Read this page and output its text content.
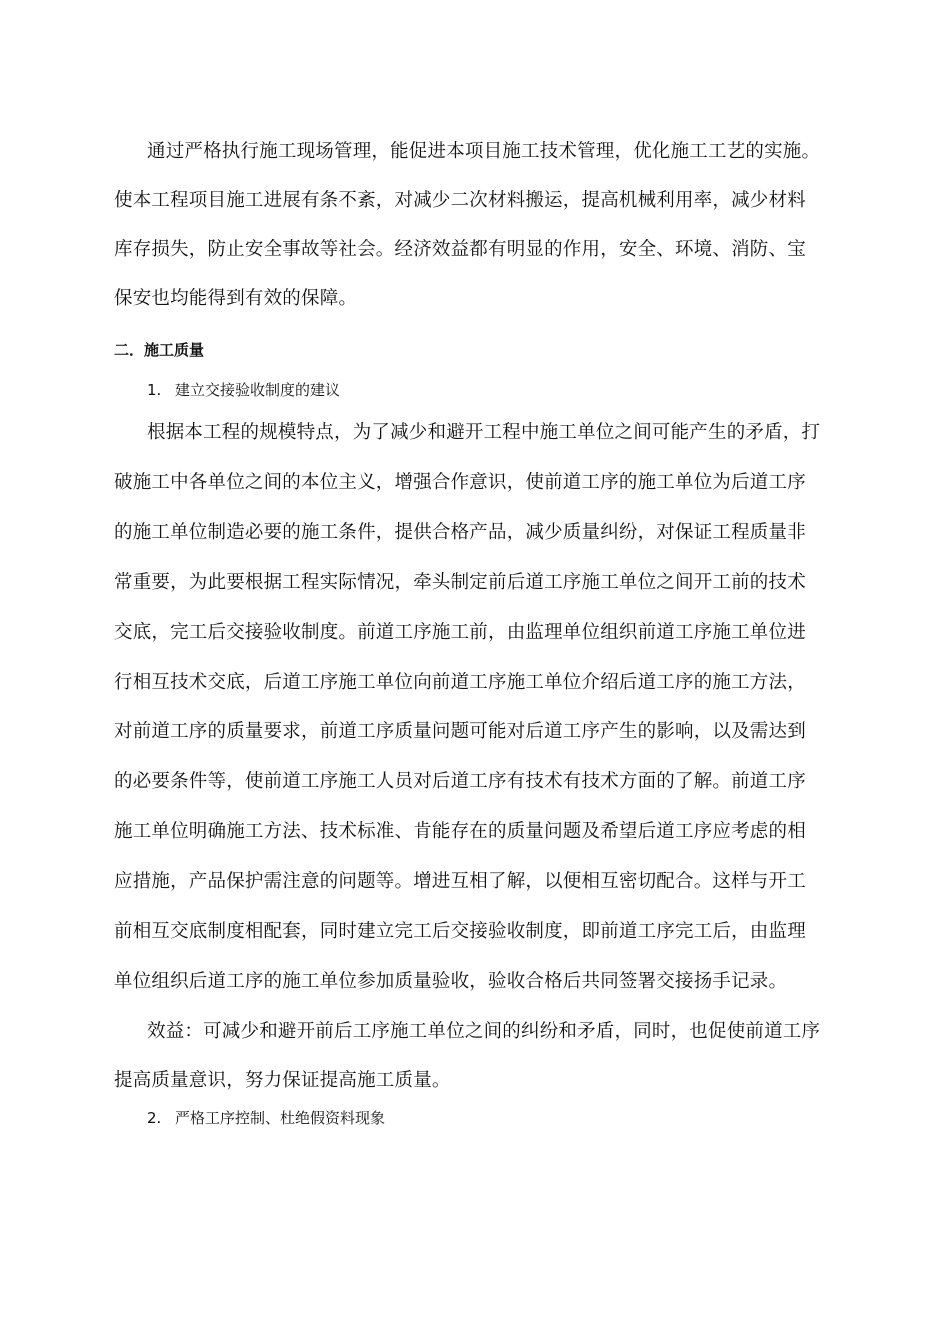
通过严格执行施工现场管理，能促进本项目施工技术管理，优化施工工艺的实施。
使本工程项目施工进展有条不紊，对减少二次材料搬运，提高机械利用率，减少材料
库存损失，防止安全事故等社会。经济效益都有明显的作用，安全、环境、消防、宝
保安也均能得到有效的保障。
二．施工质量
1. 建立交接验收制度的建议
根据本工程的规模特点，为了减少和避开工程中施工单位之间可能产生的矛盾，打
破施工中各单位之间的本位主义，增强合作意识，使前道工序的施工单位为后道工序
的施工单位制造必要的施工条件，提供合格产品，减少质量纠纷，对保证工程质量非
常重要，为此要根据工程实际情况，牵头制定前后道工序施工单位之间开工前的技术
交底，完工后交接验收制度。前道工序施工前，由监理单位组织前道工序施工单位进
行相互技术交底，后道工序施工单位向前道工序施工单位介绍后道工序的施工方法，
对前道工序的质量要求，前道工序质量问题可能对后道工序产生的影响，以及需达到
的必要条件等，使前道工序施工人员对后道工序有技术有技术方面的了解。前道工序
施工单位明确施工方法、技术标准、肯能存在的质量问题及希望后道工序应考虑的相
应措施，产品保护需注意的问题等。增进互相了解，以便相互密切配合。这样与开工
前相互交底制度相配套，同时建立完工后交接验收制度，即前道工序完工后，由监理
单位组织后道工序的施工单位参加质量验收，验收合格后共同签署交接扬手记录。
效益：可减少和避开前后工序施工单位之间的纠纷和矛盾，同时，也促使前道工序
提高质量意识，努力保证提高施工质量。
2. 严格工序控制、杜绝假资料现象
